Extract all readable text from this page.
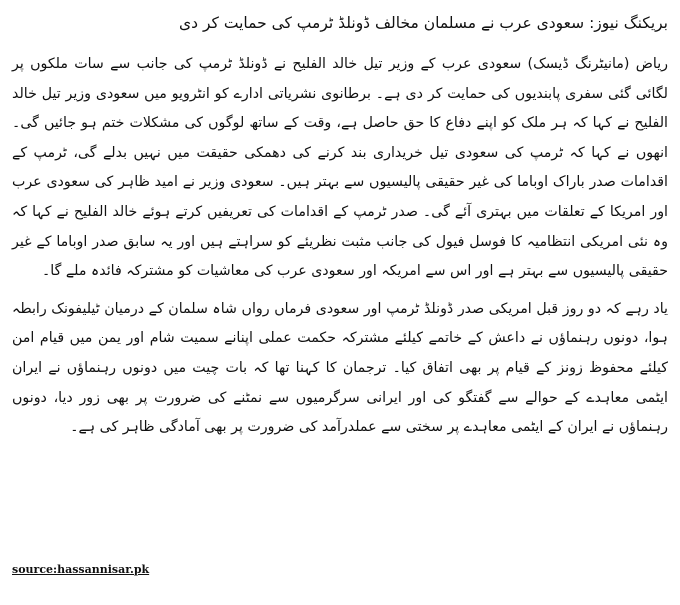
بریکنگ نیوز: سعودی عرب نے مسلمان مخالف ڈونلڈ ٹرمپ کی حمایت کر دی

ریاض (مانیٹرنگ ڈیسک) سعودی عرب کے وزیر تیل خالد الفلیح نے ڈونلڈ ٹرمپ کی جانب سے سات ملکوں پر لگائی گئی سفری پابندیوں کی حمایت کر دی ہے۔ برطانوی نشریاتی ادارے کو انٹرویو میں سعودی وزیر تیل خالد الفلیح نے کہا کہ ہر ملک کو اپنے دفاع کا حق حاصل ہے، وقت کے ساتھ لوگوں کی مشکلات ختم ہو جائیں گی۔ انھوں نے کہا کہ ٹرمپ کی سعودی تیل خریداری بند کرنے کی دھمکی حقیقت میں نہیں بدلے گی، ٹرمپ کے اقدامات صدر باراک اوباما کی غیر حقیقی پالیسیوں سے بہتر ہیں۔ سعودی وزیر نے امید ظاہر کی سعودی عرب اور امریکا کے تعلقات میں بہتری آئے گی۔ صدر ٹرمپ کے اقدامات کی تعریفیں کرتے ہوئے خالد الفلیح نے کہا کہ وہ نئی امریکی انتظامیہ کا فوسل فیول کی جانب مثبت نظریئے کو سراہتے ہیں اور یہ سابق صدر اوباما کے غیر حقیقی پالیسیوں سے بہتر ہے اور اس سے امریکہ اور سعودی عرب کی معاشیات کو مشترکہ فائدہ ملے گا۔

یاد رہے کہ دو روز قبل امریکی صدر ڈونلڈ ٹرمپ اور سعودی فرماں رواں شاہ سلمان کے درمیان ٹیلیفونک رابطہ ہوا، دونوں رہنماؤں نے داعش کے خاتمے کیلئے مشترکہ حکمت عملی اپنانے سمیت شام اور یمن میں قیام امن کیلئے محفوظ زونز کے قیام پر بھی اتفاق کیا۔ ترجمان کا کہنا تھا کہ بات چیت میں دونوں رہنماؤں نے ایران ایٹمی معاہدے کے حوالے سے گفتگو کی اور ایرانی سرگرمیوں سے نمٹنے کی ضرورت پر بھی زور دیا، دونوں رہنماؤں نے ایران کے ایٹمی معاہدے پر سختی سے عملدرآمد کی ضرورت پر بھی آمادگی ظاہر کی ہے۔

source:hassannisar.pk
